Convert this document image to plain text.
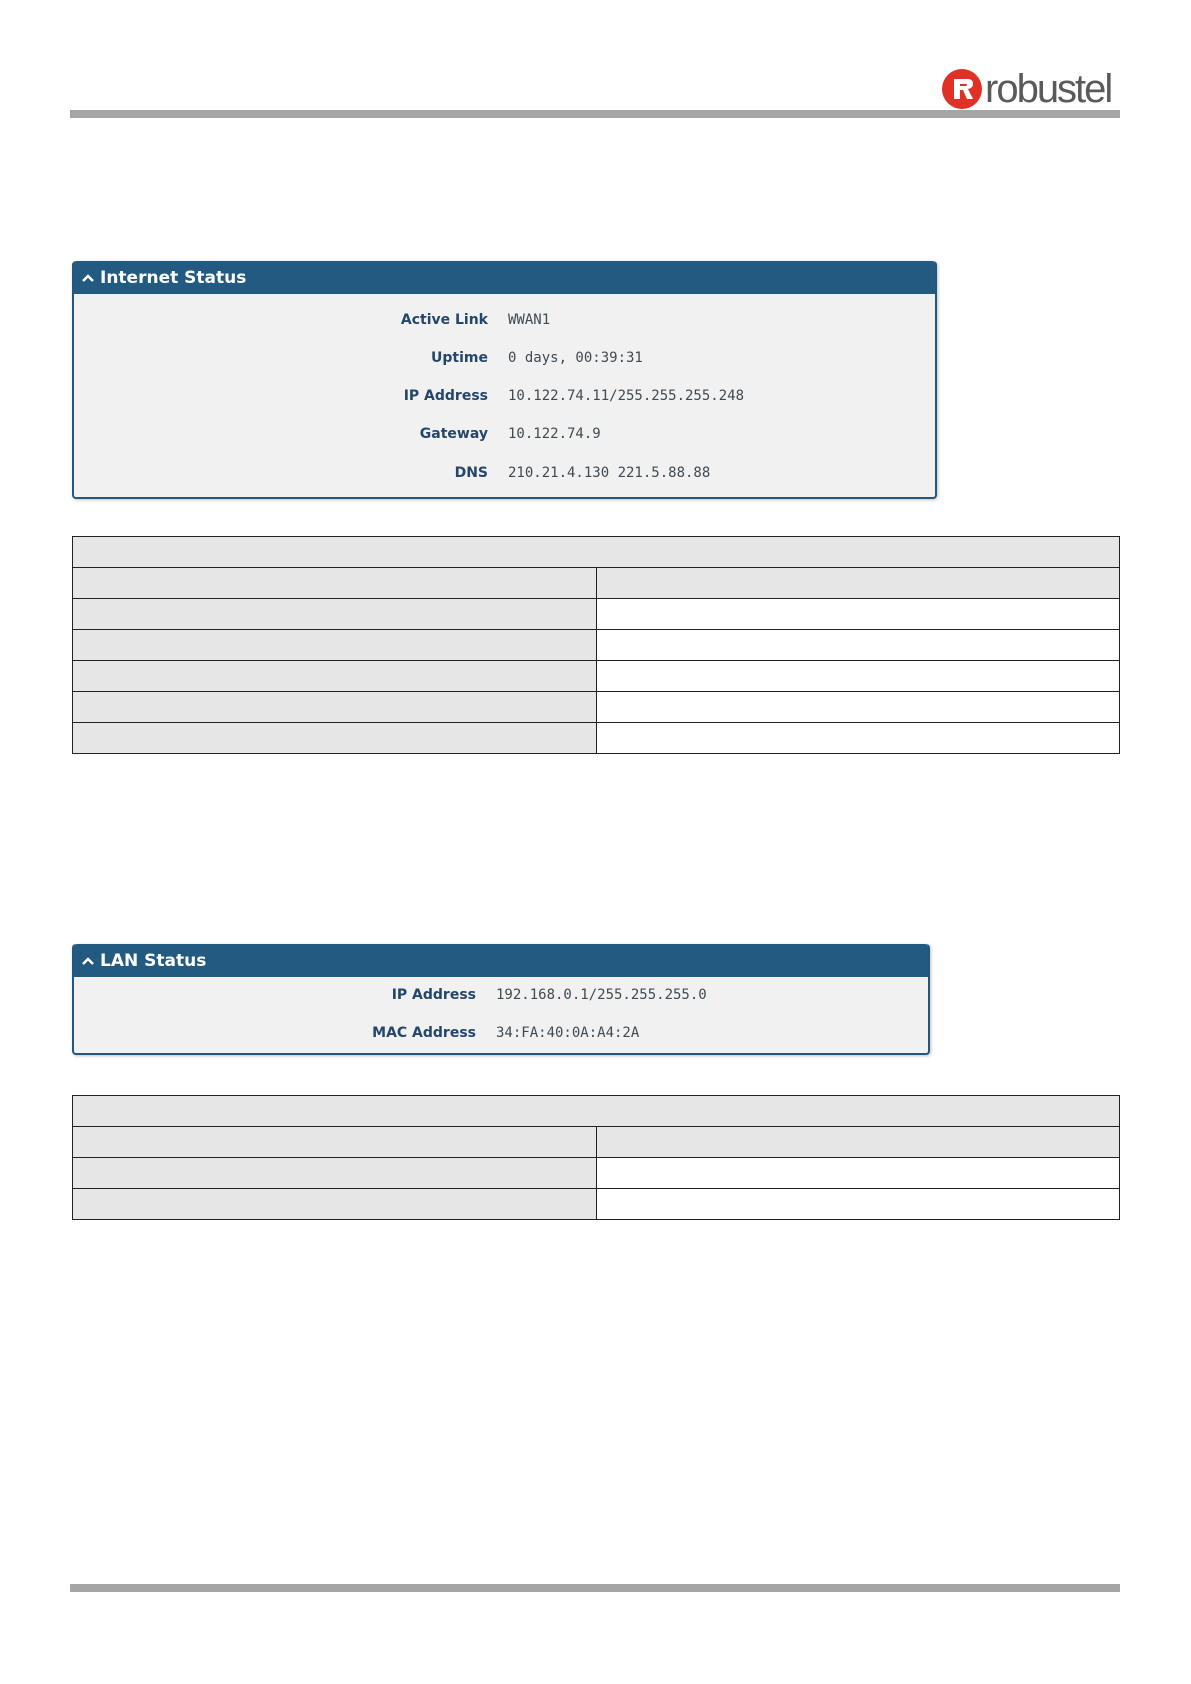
robustel
Internet Status
Active Link WWAN1
Uptime 0 days, 00:39:31
IP Address 10.122.74.11/255.255.255.248
Gateway 10.122.74.9
DNS 210.21.4.130 221.5.88.88

LAN Status
IP Address 192.168.0.1/255.255.255.0
MAC Address 34:FA:40:0A:A4:2A
